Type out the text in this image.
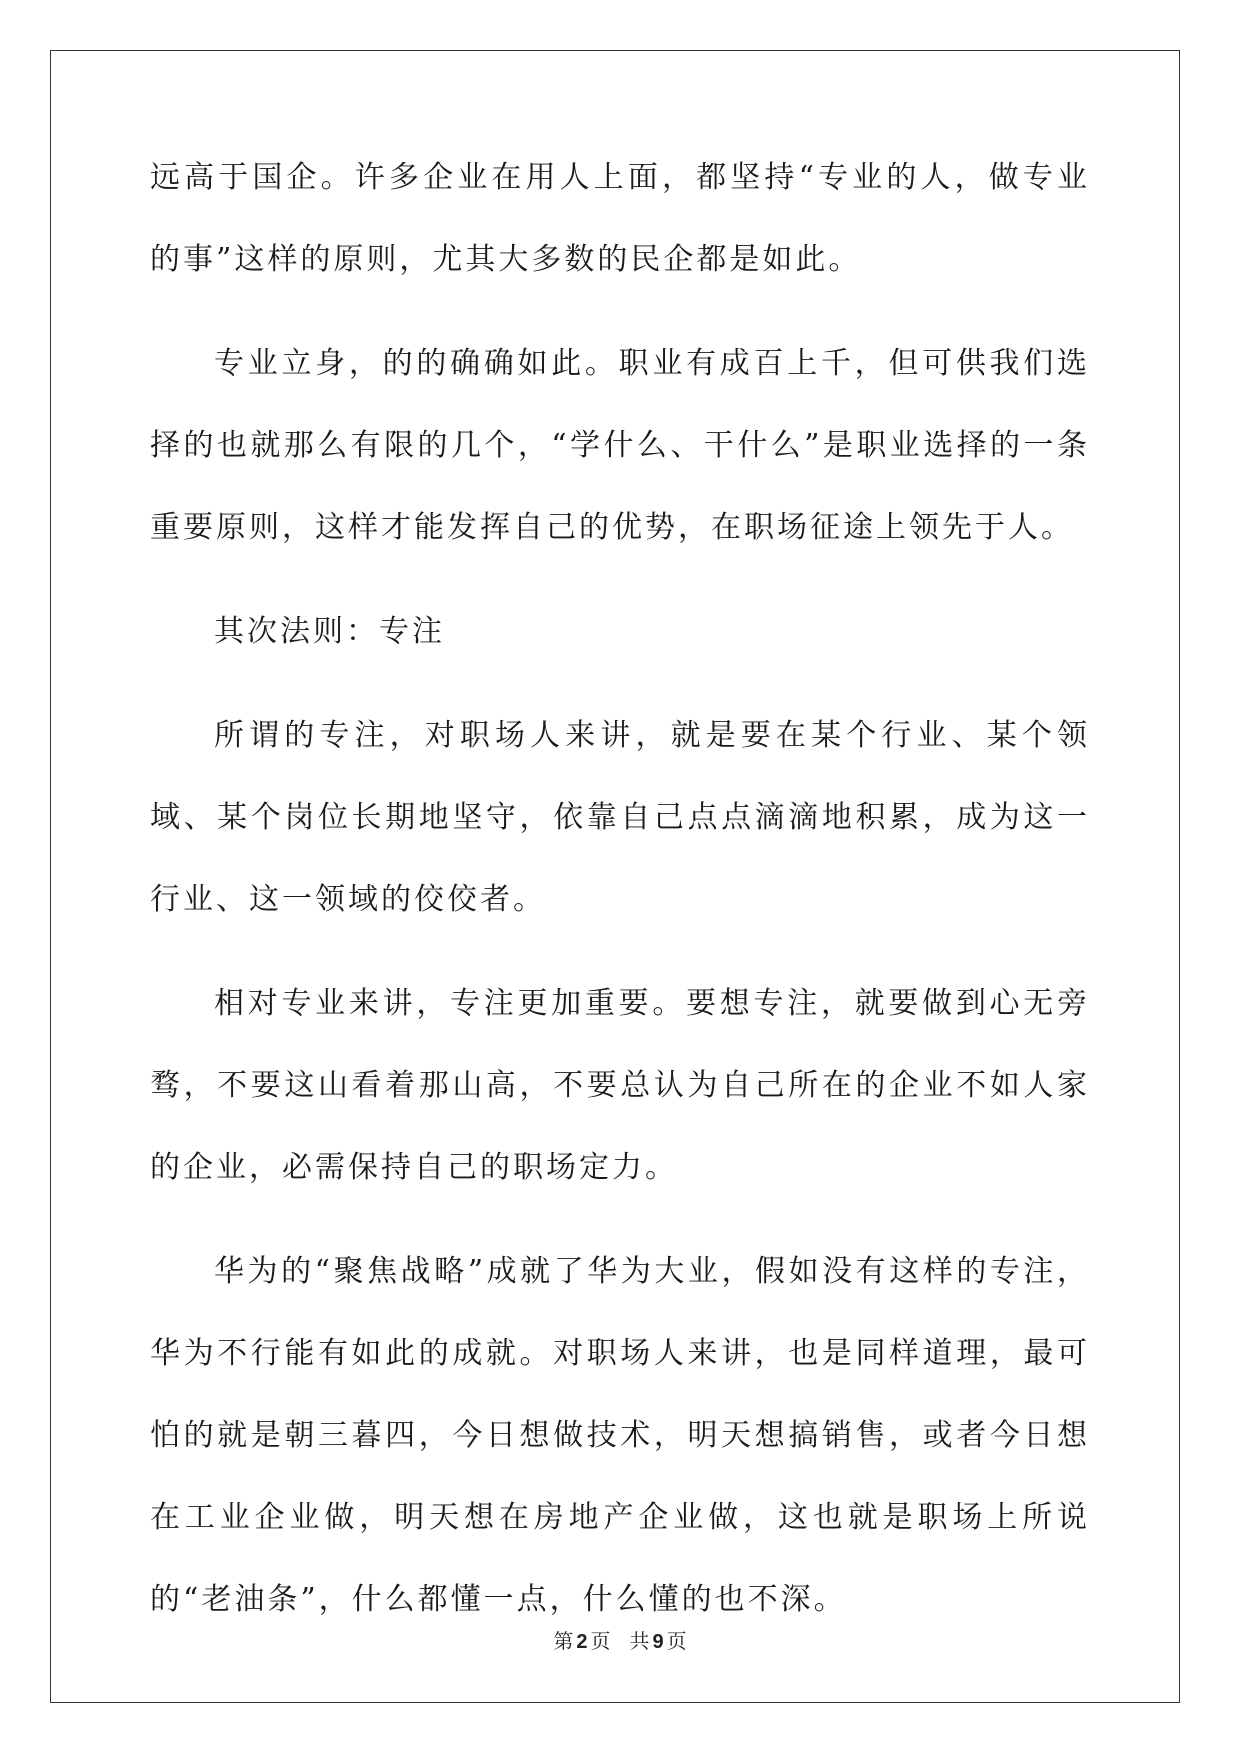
远高于国企。许多企业在用人上面，都坚持“专业的人，做专业的事”这样的原则，尤其大多数的民企都是如此。

专业立身，的的确确如此。职业有成百上千，但可供我们选择的也就那么有限的几个，“学什么、干什么”是职业选择的一条重要原则，这样才能发挥自己的优势，在职场征途上领先于人。

其次法则：专注

所谓的专注，对职场人来讲，就是要在某个行业、某个领域、某个岗位长期地坚守，依靠自己点点滴滴地积累，成为这一行业、这一领域的佼佼者。

相对专业来讲，专注更加重要。要想专注，就要做到心无旁骛，不要这山看着那山高，不要总认为自己所在的企业不如人家的企业，必需保持自己的职场定力。

华为的“聚焦战略”成就了华为大业，假如没有这样的专注，华为不行能有如此的成就。对职场人来讲，也是同样道理，最可怕的就是朝三暮四，今日想做技术，明天想搞销售，或者今日想在工业企业做，明天想在房地产企业做，这也就是职场上所说的“老油条”，什么都懂一点，什么懂的也不深。

第 2 页 共 9 页
